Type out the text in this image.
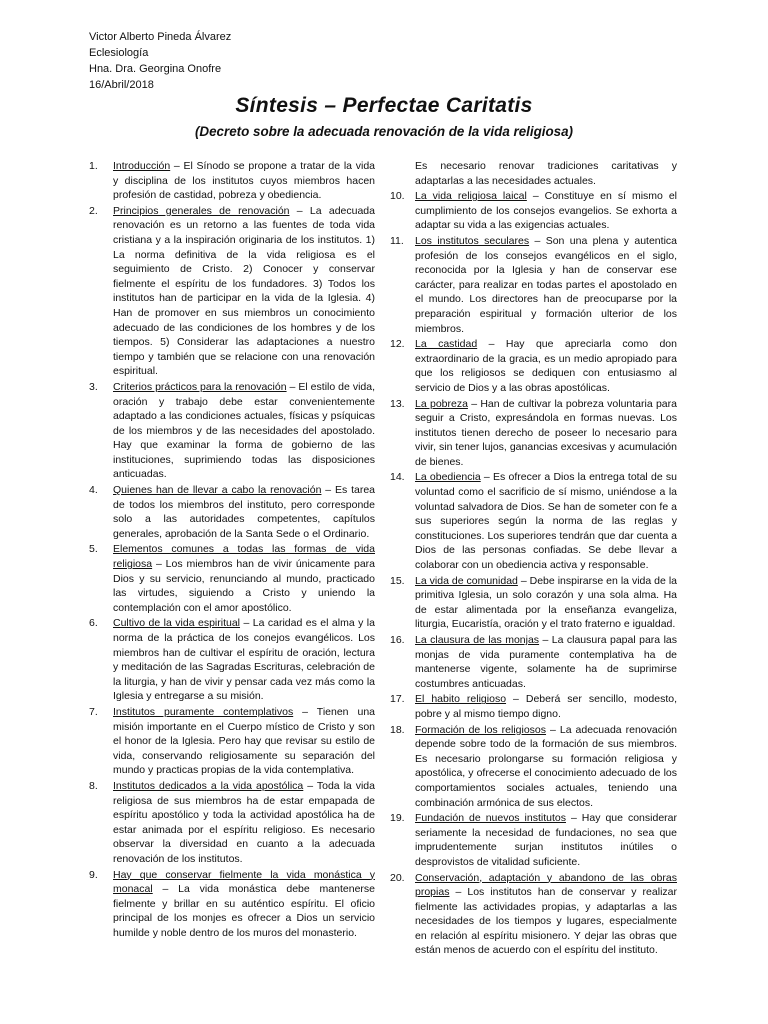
Victor Alberto Pineda Álvarez
Eclesiología
Hna. Dra. Georgina Onofre
16/Abril/2018
Síntesis – Perfectae Caritatis
(Decreto sobre la adecuada renovación de la vida religiosa)
1. Introducción – El Sínodo se propone a tratar de la vida y disciplina de los institutos cuyos miembros hacen profesión de castidad, pobreza y obediencia.
2. Principios generales de renovación – La adecuada renovación es un retorno a las fuentes de toda vida cristiana y a la inspiración originaria de los institutos. 1) La norma definitiva de la vida religiosa es el seguimiento de Cristo. 2) Conocer y conservar fielmente el espíritu de los fundadores. 3) Todos los institutos han de participar en la vida de la Iglesia. 4) Han de promover en sus miembros un conocimiento adecuado de las condiciones de los hombres y de los tiempos. 5) Considerar las adaptaciones a nuestro tiempo y también que se relacione con una renovación espiritual.
3. Criterios prácticos para la renovación – El estilo de vida, oración y trabajo debe estar convenientemente adaptado a las condiciones actuales, físicas y psíquicas de los miembros y de las necesidades del apostolado. Hay que examinar la forma de gobierno de las instituciones, suprimiendo todas las disposiciones anticuadas.
4. Quienes han de llevar a cabo la renovación – Es tarea de todos los miembros del instituto, pero corresponde solo a las autoridades competentes, capítulos generales, aprobación de la Santa Sede o el Ordinario.
5. Elementos comunes a todas las formas de vida religiosa – Los miembros han de vivir únicamente para Dios y su servicio, renunciando al mundo, practicado las virtudes, siguiendo a Cristo y uniendo la contemplación con el amor apostólico.
6. Cultivo de la vida espiritual – La caridad es el alma y la norma de la práctica de los conejos evangélicos. Los miembros han de cultivar el espíritu de oración, lectura y meditación de las Sagradas Escrituras, celebración de la liturgia, y han de vivir y pensar cada vez más como la Iglesia y entregarse a su misión.
7. Institutos puramente contemplativos – Tienen una misión importante en el Cuerpo místico de Cristo y son el honor de la Iglesia. Pero hay que revisar su estilo de vida, conservando religiosamente su separación del mundo y practicas propias de la vida contemplativa.
8. Institutos dedicados a la vida apostólica – Toda la vida religiosa de sus miembros ha de estar empapada de espíritu apostólico y toda la actividad apostólica ha de estar animada por el espíritu religioso. Es necesario observar la diversidad en cuanto a la adecuada renovación de los institutos.
9. Hay que conservar fielmente la vida monástica y monacal – La vida monástica debe mantenerse fielmente y brillar en su auténtico espíritu. El oficio principal de los monjes es ofrecer a Dios un servicio humilde y noble dentro de los muros del monasterio.
Es necesario renovar tradiciones caritativas y adaptarlas a las necesidades actuales.
10. La vida religiosa laical – Constituye en sí mismo el cumplimiento de los consejos evangelios. Se exhorta a adaptar su vida a las exigencias actuales.
11. Los institutos seculares – Son una plena y autentica profesión de los consejos evangélicos en el siglo, reconocida por la Iglesia y han de conservar ese carácter, para realizar en todas partes el apostolado en el mundo. Los directores han de preocuparse por la preparación espiritual y formación ulterior de los miembros.
12. La castidad – Hay que apreciarla como don extraordinario de la gracia, es un medio apropiado para que los religiosos se dediquen con entusiasmo al servicio de Dios y a las obras apostólicas.
13. La pobreza – Han de cultivar la pobreza voluntaria para seguir a Cristo, expresándola en formas nuevas. Los institutos tienen derecho de poseer lo necesario para vivir, sin tener lujos, ganancias excesivas y acumulación de bienes.
14. La obediencia – Es ofrecer a Dios la entrega total de su voluntad como el sacrificio de sí mismo, uniéndose a la voluntad salvadora de Dios. Se han de someter con fe a sus superiores según la norma de las reglas y constituciones. Los superiores tendrán que dar cuenta a Dios de las personas confiadas. Se debe llevar a colaborar con un obediencia activa y responsable.
15. La vida de comunidad – Debe inspirarse en la vida de la primitiva Iglesia, un solo corazón y una sola alma. Ha de estar alimentada por la enseñanza evangeliza, liturgia, Eucaristía, oración y el trato fraterno e igualdad.
16. La clausura de las monjas – La clausura papal para las monjas de vida puramente contemplativa ha de mantenerse vigente, solamente ha de suprimirse costumbres anticuadas.
17. El habito religioso – Deberá ser sencillo, modesto, pobre y al mismo tiempo digno.
18. Formación de los religiosos – La adecuada renovación depende sobre todo de la formación de sus miembros. Es necesario prolongarse su formación religiosa y apostólica, y ofrecerse el conocimiento adecuado de los comportamientos sociales actuales, teniendo una combinación armónica de sus electos.
19. Fundación de nuevos institutos – Hay que considerar seriamente la necesidad de fundaciones, no sea que imprudentemente surjan institutos inútiles o desprovistos de vitalidad suficiente.
20. Conservación, adaptación y abandono de las obras propias – Los institutos han de conservar y realizar fielmente las actividades propias, y adaptarlas a las necesidades de los tiempos y lugares, especialmente en relación al espíritu misionero. Y dejar las obras que están menos de acuerdo con el espíritu del instituto.
